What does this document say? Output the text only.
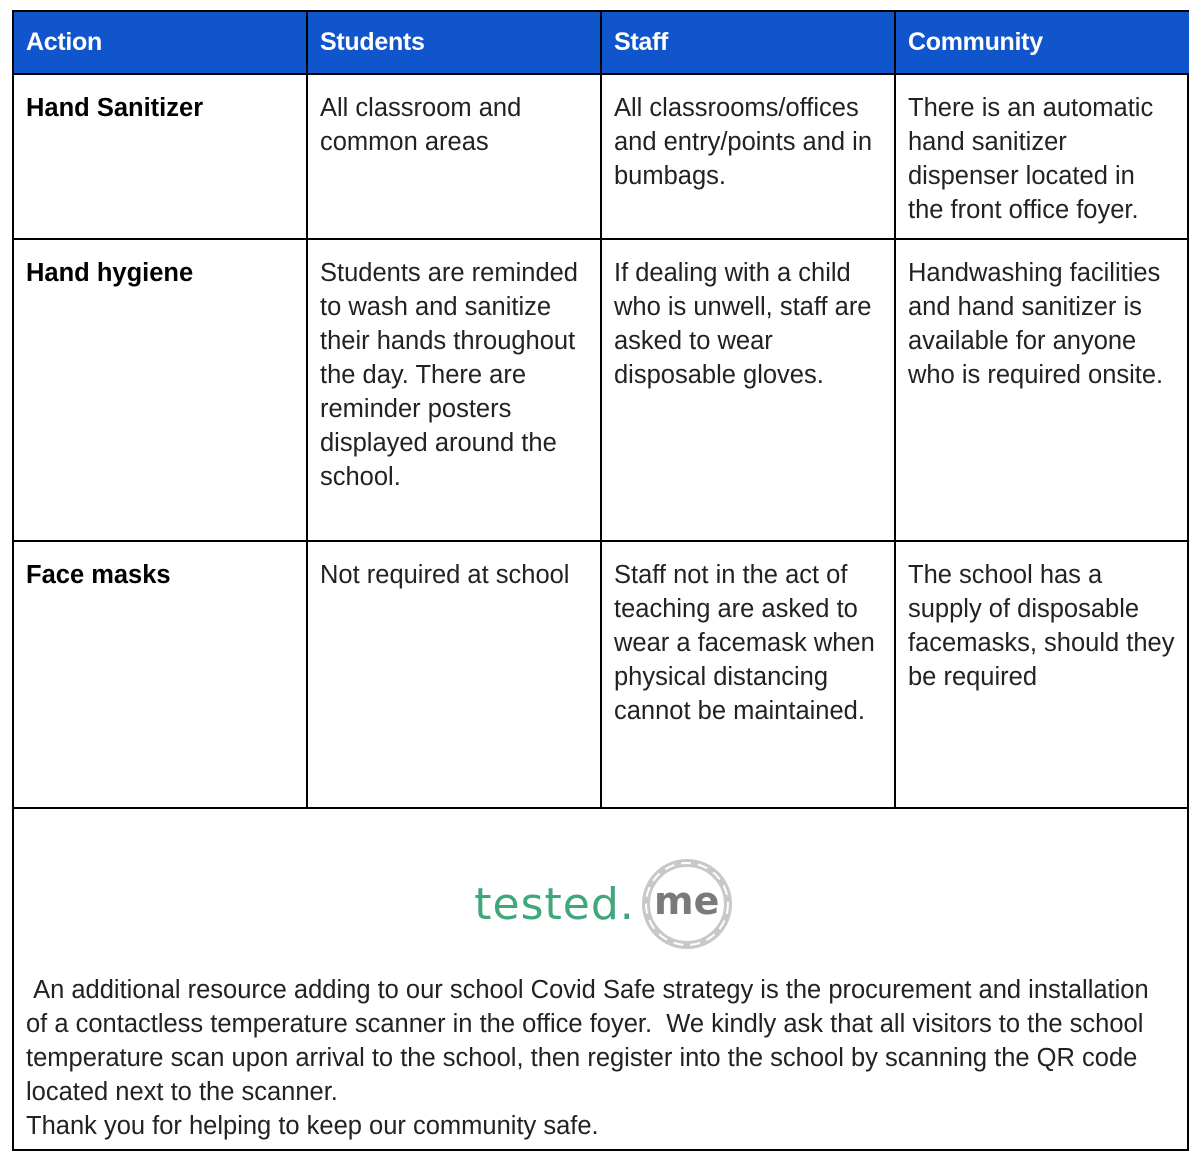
Action	Students	Staff	Community
Hand Sanitizer	All classroom and common areas	All classrooms/offices and entry/points and in bumbags.	There is an automatic hand sanitizer dispenser located in the front office foyer.
Hand hygiene	Students are reminded to wash and sanitize their hands throughout the day. There are reminder posters displayed around the school.	If dealing with a child who is unwell, staff are asked to wear disposable gloves.	Handwashing facilities and hand sanitizer is available for anyone who is required onsite.
Face masks	Not required at school	Staff not in the act of teaching are asked to wear a facemask when physical distancing cannot be maintained.	The school has a supply of disposable facemasks, should they be required
tested. me
An additional resource adding to our school Covid Safe strategy is the procurement and installation of a contactless temperature scanner in the office foyer.  We kindly ask that all visitors to the school temperature scan upon arrival to the school, then register into the school by scanning the QR code located next to the scanner.
Thank you for helping to keep our community safe.
